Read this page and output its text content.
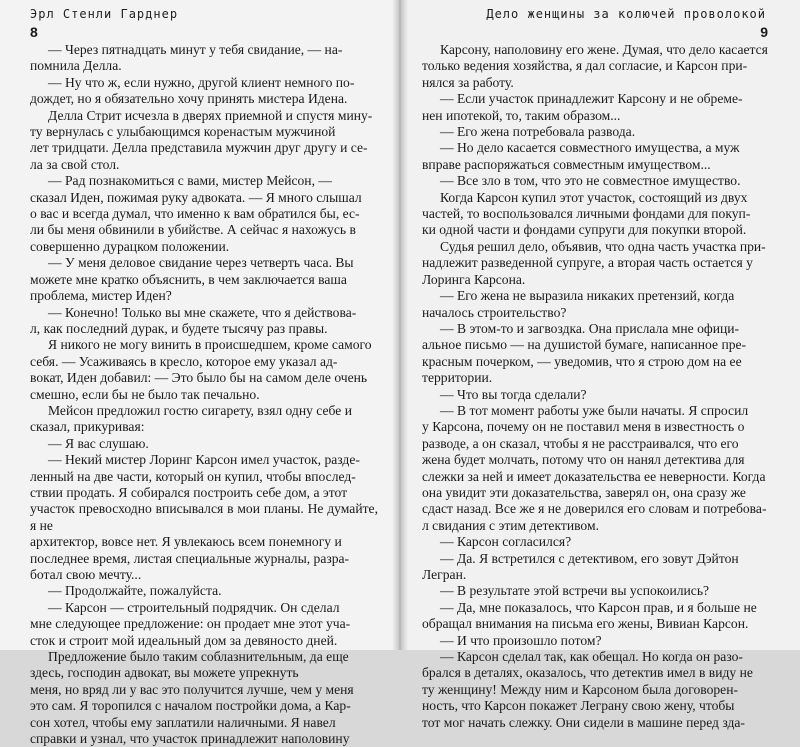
Эрл Стенли Гарднер
8

— Через пятнадцать минут у тебя свидание, — на-

помнила Делла.

— Ну что ж, если нужно, другой клиент немного по-

дождет, но я обязательно хочу принять мистера Идена.

Делла Стрит исчезла в дверях приемной и спустя мину-

ту вернулась с улыбающимся коренастым мужчиной

лет тридцати. Делла представила мужчин друг другу и се-

ла за свой стол.

— Рад познакомиться с вами, мистер Мейсон, —

сказал Иден, пожимая руку адвоката. — Я много слышал

о вас и всегда думал, что именно к вам обратился бы, ес-

ли бы меня обвинили в убийстве. А сейчас я нахожусь в

совершенно дурацком положении.

— У меня деловое свидание через четверть часа. Вы

можете мне кратко объяснить, в чем заключается ваша

проблема, мистер Иден?

— Конечно! Только вы мне скажете, что я действова-

л, как последний дурак, и будете тысячу раз правы.

Я никого не могу винить в происшедшем, кроме самого

себя. — Усаживаясь в кресло, которое ему указал ад-

вокат, Иден добавил: — Это было бы на самом деле очень

смешно, если бы не было так печально.

Мейсон предложил гостю сигарету, взял одну себе и

сказал, прикуривая:

— Я вас слушаю.

— Некий мистер Лоринг Карсон имел участок, разде-

ленный на две части, который он купил, чтобы впослед-

ствии продать. Я собирался построить себе дом, а этот

участок превосходно вписывался в мои планы. Не думайте, я не

архитектор, вовсе нет. Я увлекаюсь всем понемногу и

последнее время, листая специальные журналы, разра-

ботал свою мечту...

— Продолжайте, пожалуйста.

— Карсон — строительный подрядчик. Он сделал

мне следующее предложение: он продает мне этот уча-

сток и строит мой идеальный дом за девяносто дней.

Предложение было таким соблазнительным, да еще

здесь, господин адвокат, вы можете упрекнуть

меня, но вряд ли у вас это получится лучше, чем у меня

это сам. Я торопился с началом постройки дома, а Кар-

сон хотел, чтобы ему заплатили наличными. Я навел

справки и узнал, что участок принадлежит наполовину

Дело женщины за колючей проволокой
9

Карсону, наполовину его жене. Думая, что дело касается

только ведения хозяйства, я дал согласие, и Карсон при-

нялся за работу.

— Если участок принадлежит Карсону и не обреме-

нен ипотекой, то, таким образом...

— Его жена потребовала развода.

— Но дело касается совместного имущества, а муж

вправе распоряжаться совместным имуществом...

— Все зло в том, что это не совместное имущество.

Когда Карсон купил этот участок, состоящий из двух

частей, то воспользовался личными фондами для покуп-

ки одной части и фондами супруги для покупки второй.

Судья решил дело, объявив, что одна часть участка при-

надлежит разведенной супруге, а вторая часть остается у

Лоринга Карсона.

— Его жена не выразила никаких претензий, когда

началось строительство?

— В этом-то и загвоздка. Она прислала мне офици-

альное письмо — на душистой бумаге, написанное пре-

красным почерком, — уведомив, что я строю дом на ее

территории.

— Что вы тогда сделали?

— В тот момент работы уже были начаты. Я спросил

у Карсона, почему он не поставил меня в известность о

разводе, а он сказал, чтобы я не расстраивался, что его

жена будет молчать, потому что он нанял детектива для

слежки за ней и имеет доказательства ее неверности. Когда

она увидит эти доказательства, заверял он, она сразу же

сдаст назад. Все же я не доверился его словам и потребова-

л свидания с этим детективом.

— Карсон согласился?

— Да. Я встретился с детективом, его зовут Дэйтон

Легран.

— В результате этой встречи вы успокоились?

— Да, мне показалось, что Карсон прав, и я больше не

обращал внимания на письма его жены, Вивиан Карсон.

— И что произошло потом?

— Карсон сделал так, как обещал. Но когда он разо-

брался в деталях, оказалось, что детектив имел в виду не

ту женщину! Между ним и Карсоном была договорен-

ность, что Карсон покажет Леграну свою жену, чтобы

тот мог начать слежку. Они сидели в машине перед зда-
